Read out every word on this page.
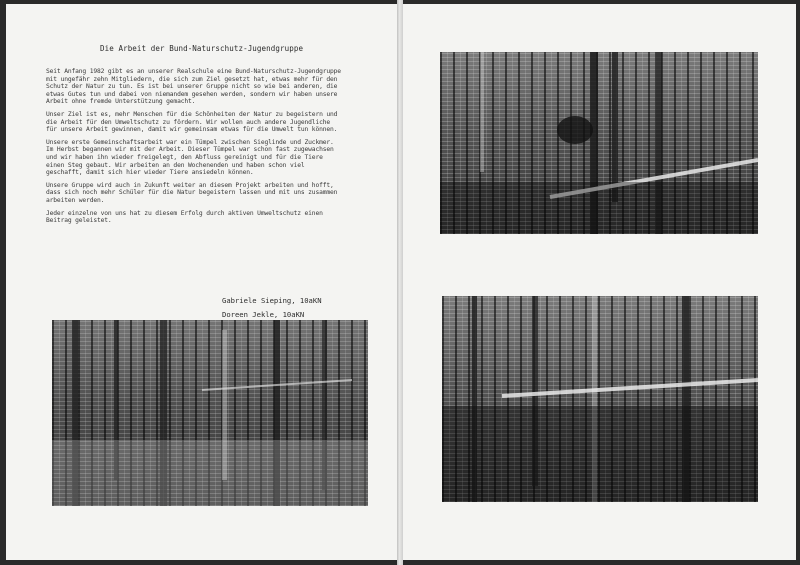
Die Arbeit der Bund-Naturschutz-Jugendgruppe

Seit Anfang 1982 gibt es an unserer Realschule eine Bund-Naturschutz-Jugendgruppe mit ungefähr zehn Mitgliedern, die sich zum Ziel gesetzt hat, etwas mehr für den Schutz der Natur zu tun. Es ist bei unserer Gruppe nicht so wie bei anderen, die etwas Gutes tun und dabei von niemandem gesehen werden, sondern wir haben unsere Arbeit ohne fremde Unterstützung gemacht.

Unser Ziel ist es, mehr Menschen für die Schönheiten der Natur zu begeistern und die Arbeit für den Umweltschutz zu fördern. Wir wollen auch andere Jugendliche für unsere Arbeit gewinnen, damit wir gemeinsam etwas für die Umwelt tun können.

Unsere erste Gemeinschaftsarbeit war ein Tümpel zwischen Sieglinde und Zuckmer. Im Herbst begannen wir mit der Arbeit. Dieser Tümpel war schon fast zugewachsen und wir haben ihn wieder freigelegt, den Abfluss gereinigt und für die Tiere einen Steg gebaut. Wir arbeiten an den Wochenenden und haben schon viel geschafft, damit sich hier wieder Tiere ansiedeln können.

Unsere Gruppe wird auch in Zukunft weiter an diesem Projekt arbeiten und hofft, dass sich noch mehr Schüler für die Natur begeistern lassen und mit uns zusammen arbeiten werden.

Jeder einzelne von uns hat zu diesem Erfolg durch aktiven Umweltschutz einen Beitrag geleistet.

Gabriele Sieping, 10aKN
Doreen Jekle, 10aKN
